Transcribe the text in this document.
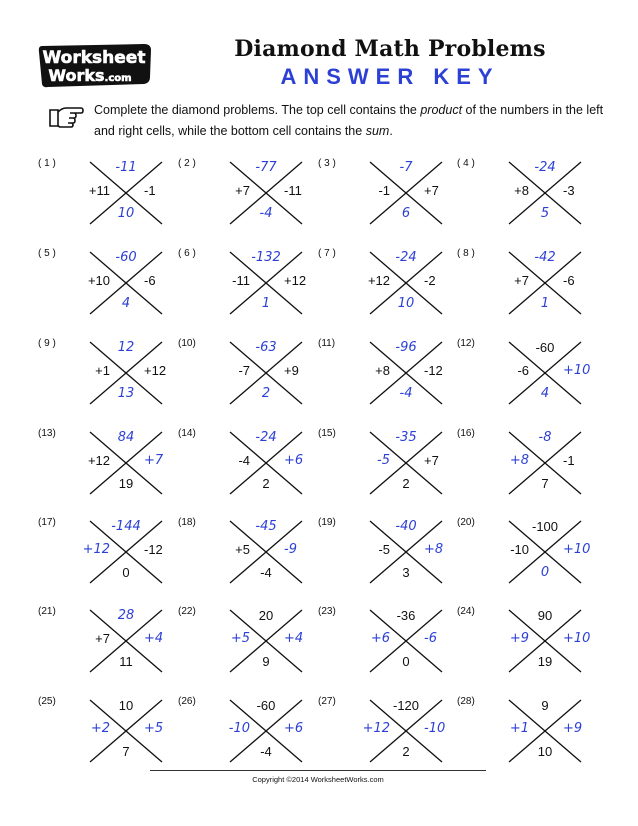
Worksheet
Works.com
Diamond Math Problems
ANSWER KEY
Complete the diamond problems. The top cell contains the product of the numbers in the left and right cells, while the bottom cell contains the sum.
( 1 )	-11
+11	-1
10
( 2 )	-77
+7	-11
-4
( 3 )	-7
-1	+7
6
( 4 )	-24
+8	-3
5
( 5 )	-60
+10	-6
4
( 6 )	-132
-11	+12
1
( 7 )	-24
+12	-2
10
( 8 )	-42
+7	-6
1
( 9 )	12
+1	+12
13
(10)	-63
-7	+9
2
(11)	-96
+8	-12
-4
(12)	-60
-6	+10
4
(13)	84
+12	+7
19
(14)	-24
-4	+6
2
(15)	-35
-5	+7
2
(16)	-8
+8	-1
7
(17)	-144
+12	-12
0
(18)	-45
+5	-9
-4
(19)	-40
-5	+8
3
(20)	-100
-10	+10
0
(21)	28
+7	+4
11
(22)	20
+5	+4
9
(23)	-36
+6	-6
0
(24)	90
+9	+10
19
(25)	10
+2	+5
7
(26)	-60
-10	+6
-4
(27)	-120
+12	-10
2
(28)	9
+1	+9
10
Copyright ©2014 WorksheetWorks.com
